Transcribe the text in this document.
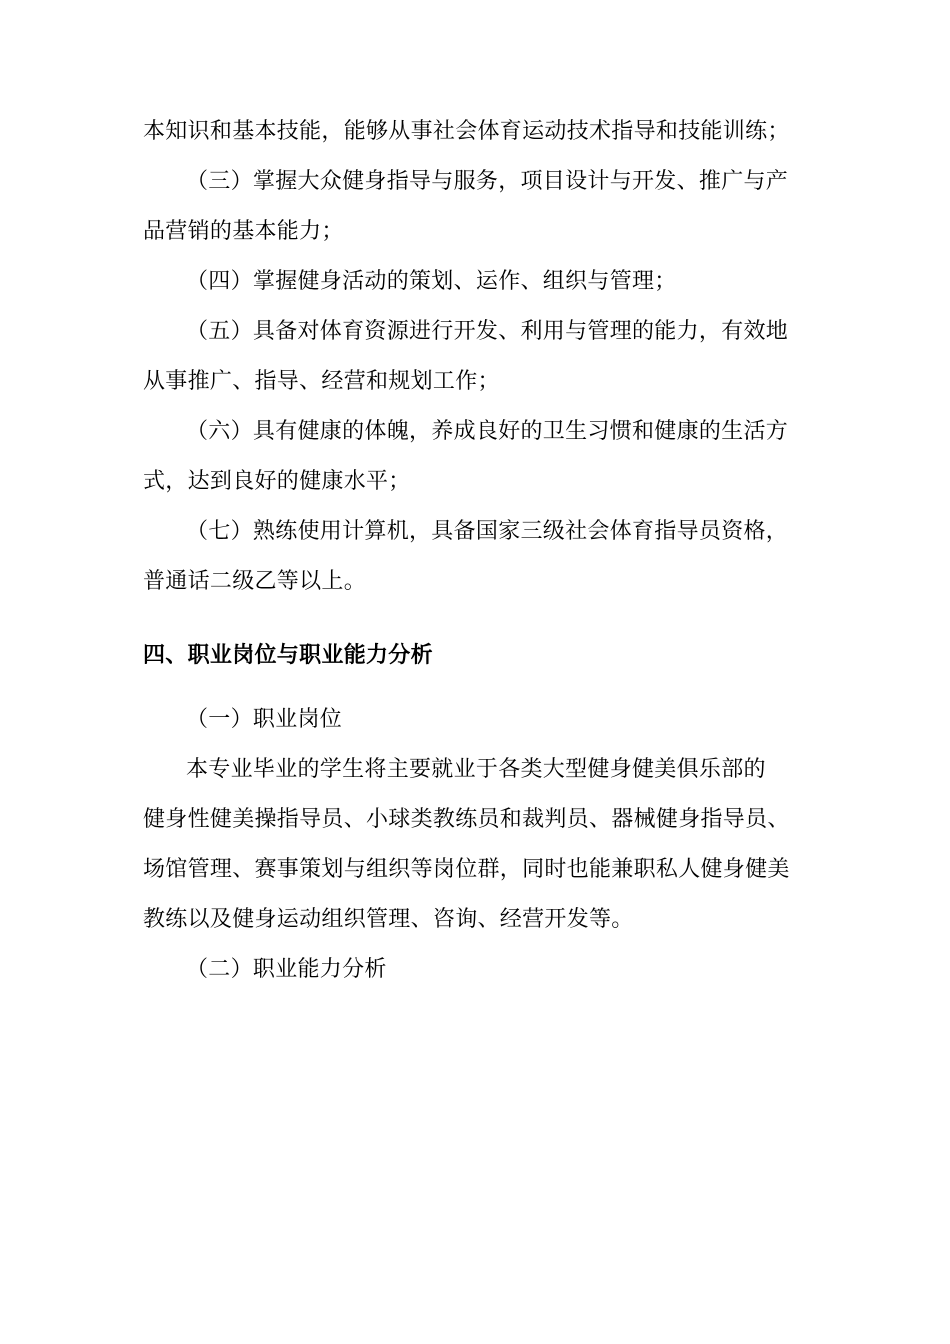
本知识和基本技能，能够从事社会体育运动技术指导和技能训练；
（三）掌握大众健身指导与服务，项目设计与开发、推广与产
品营销的基本能力；
（四）掌握健身活动的策划、运作、组织与管理；
（五）具备对体育资源进行开发、利用与管理的能力，有效地
从事推广、指导、经营和规划工作；
（六）具有健康的体魄，养成良好的卫生习惯和健康的生活方
式，达到良好的健康水平；
（七）熟练使用计算机，具备国家三级社会体育指导员资格，
普通话二级乙等以上。
四、职业岗位与职业能力分析
（一）职业岗位
本专业毕业的学生将主要就业于各类大型健身健美俱乐部的
健身性健美操指导员、小球类教练员和裁判员、器械健身指导员、
场馆管理、赛事策划与组织等岗位群，同时也能兼职私人健身健美
教练以及健身运动组织管理、咨询、经营开发等。
（二）职业能力分析
